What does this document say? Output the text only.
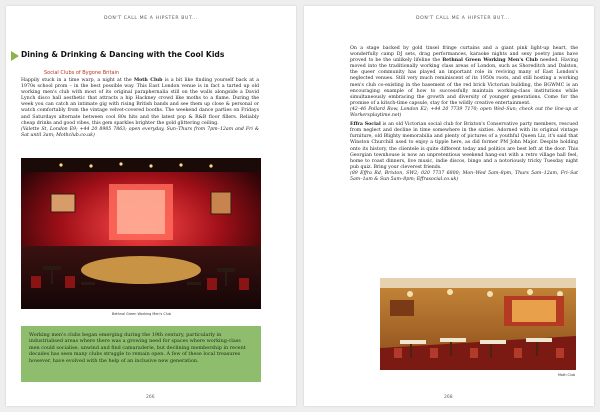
DON'T CALL ME A HIPSTER BUT...
Dining & Drinking & Dancing with the Cool Kids
Social Clubs of Bygone Britain

Happily stuck in a time warp, a night at the Moth Club is a bit like finding yourself back at a 1970s school prom – in the best possible way. This East London venue is in fact a tarted up old working men's club with most of its original paraphernalia still on the walls alongside a David Lynch disco hall aesthetic that attracts a hip Hackney crowd like moths to a flame. During the week you can catch an intimate gig with rising British bands and see them up close & personal or watch comfortably from the vintage velvet-covered booths. The weekend dance parties on Fridays and Saturdays alternate between cool 80s hits and the latest pop & R&B floor fillers. Reliably cheap drinks and good vibes, this gem sparkles brighter the gold glittering ceiling.
(Valette St, London E9; +44 20 8985 7863; open everyday, Sun–Thurs from 7pm–12am and Fri & Sat until 3am; Mothclub.co.uk)

Bethnal Green Working Men's Club
Working men's clubs began emerging during the 19th century, particularly in industrialised areas where there was a growing need for spaces where working-class men could socialise, unwind and find camaraderie, but declining membership in recent decades has seen many clubs struggle to remain open. A few of these local treasures however, have evolved with the help of an inclusive new generation.
266
DON'T CALL ME A HIPSTER BUT...

On a stage backed by gold tinsel fringe curtains and a giant pink light-up heart, the wonderfully camp DJ sets, drag performances, karaoke nights and sexy poetry jams have proved to be the unlikely lifeline the Bethnal Green Working Men's Club needed. Having moved into the traditionally working class areas of London, such as Shoreditch and Dalston, the queer community has played an important role in reviving many of East London's neglected venues. Still very much reminiscent of its 1950s roots, and still hosting a working men's club co-existing in the basement of the red brick Victorian building, the BGWMC is an encouraging example of how to successfully maintain working-class institutions while simultaneously embracing the growth and diversity of younger generations. Come for the promise of a kitsch-time capsule, stay for the wildly creative entertainment.
(42–46 Pollard Row, London E2; +44 20 7739 7170; open Wed–Sun; check out the line-up at Workersplaytime.net)

Effra Social is an old Victorian social club for Brixton's Conservative party members, rescued from neglect and decline in time somewhere in the sixties. Adorned with its original vintage furniture, old Blighty memorabilia and plenty of pictures of a youthful Queen Liz, it's said that Winston Churchill used to enjoy a tipple here, as did former PM John Major. Despite holding onto its history, the clientele is quite different today and politics are best left at the door. This Georgian townhouse is now an unpretentious weekend hang-out with a retro village hall feel, home to roast dinners, live music, indie discos, bingo and a notoriously tricky Tuesday night pub quiz. Bring your cleverest friends.
(89 Effra Rd, Brixton, SW2; 020 7737 6800; Mon–Wed 5am–8pm, Thurs 5am–12am, Fri–Sat 5am–1am & Sun 5am–8pm; Effrasocial.co.uk)

Moth Club
268
